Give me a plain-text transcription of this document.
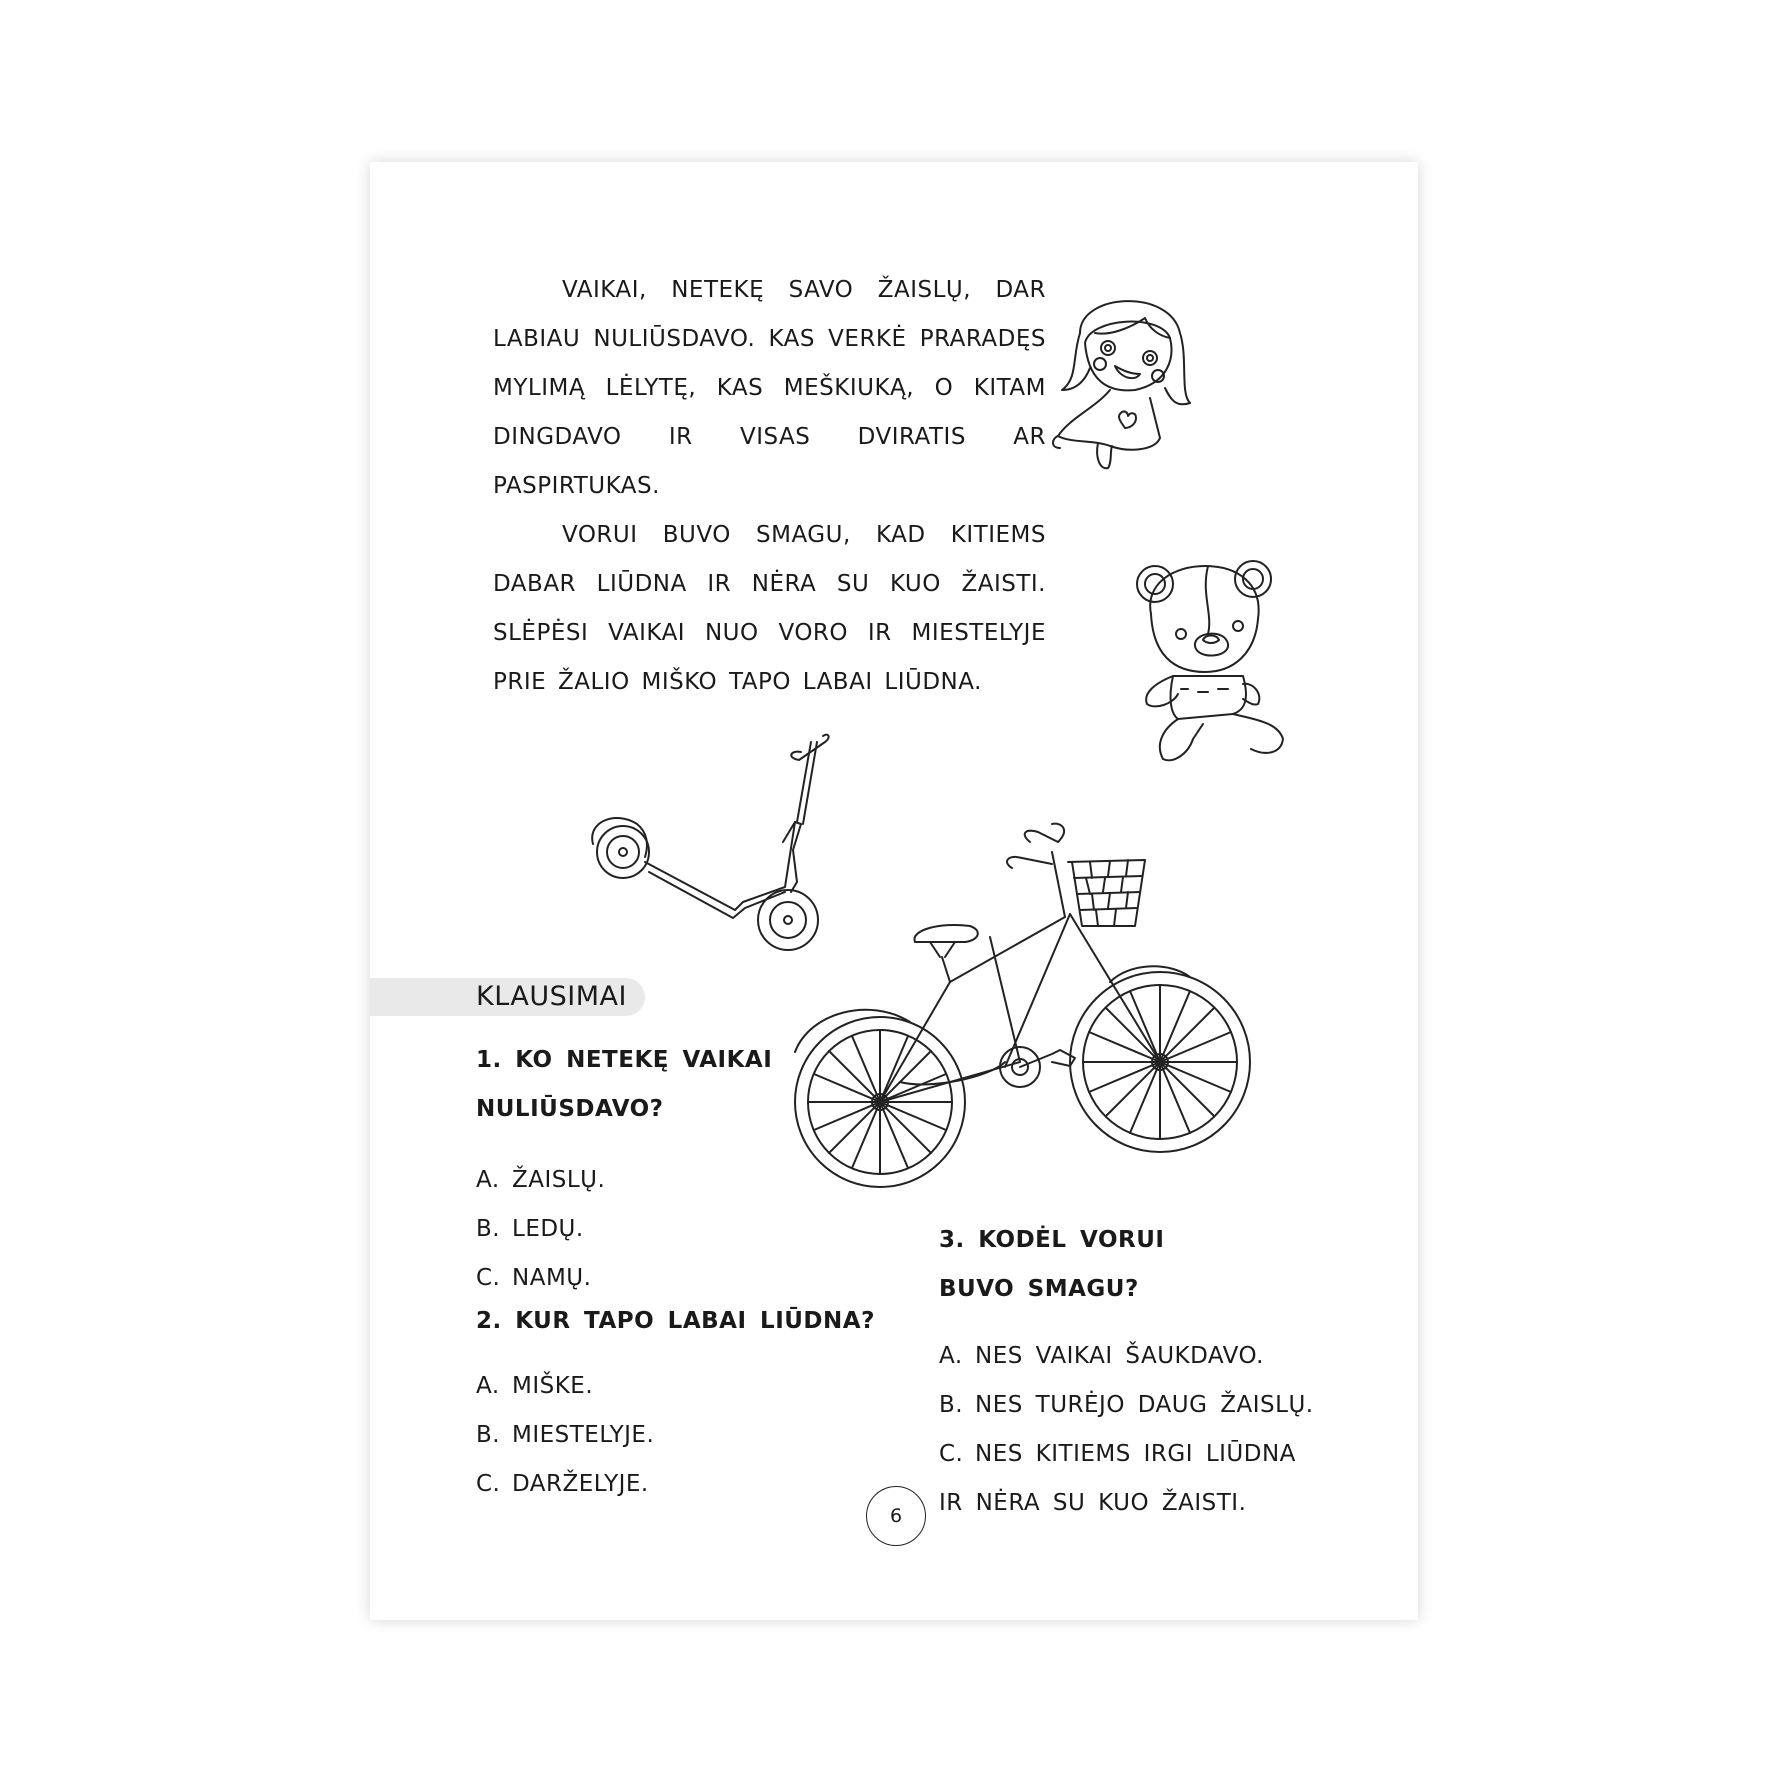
VAIKAI, NETEKĘ SAVO ŽAISLŲ, DAR LABIAU NULIŪSDAVO. KAS VERKĖ PRARADĘS MYLIMĄ LĖLYTĘ, KAS MEŠKIUKĄ, O KITAM DINGDAVO IR VISAS DVIRATIS AR PASPIRTUKAS.

VORUI BUVO SMAGU, KAD KITIEMS DABAR LIŪDNA IR NĖRA SU KUO ŽAISTI. SLĖPĖSI VAIKAI NUO VORO IR MIESTELYJE PRIE ŽALIO MIŠKO TAPO LABAI LIŪDNA.

KLAUSIMAI

1. KO NETEKĘ VAIKAI NULIŪSDAVO?

A. ŽAISLŲ.
B. LEDŲ.
C. NAMŲ.

2. KUR TAPO LABAI LIŪDNA?

A. MIŠKE.
B. MIESTELYJE.
C. DARŽELYJE.

3. KODĖL VORUI BUVO SMAGU?

A. NES VAIKAI ŠAUKDAVO.
B. NES TURĖJO DAUG ŽAISLŲ.
C. NES KITIEMS IRGI LIŪDNA IR NĖRA SU KUO ŽAISTI.
6
